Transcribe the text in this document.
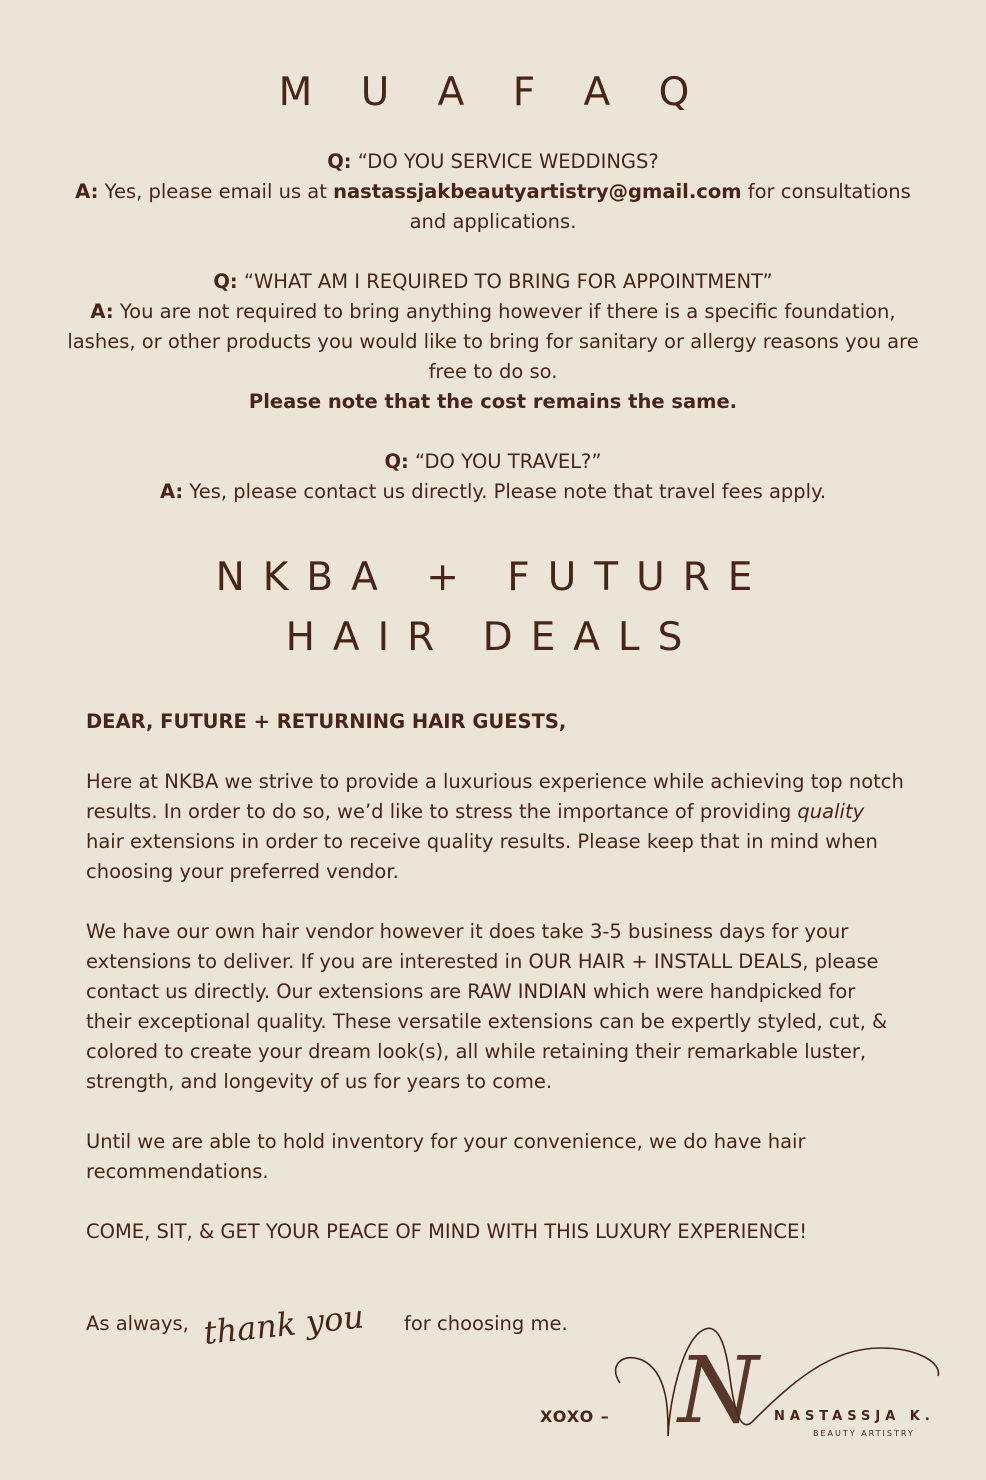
M U A F A Q

Q: “DO YOU SERVICE WEDDINGS?

A: Yes, please email us at nastassjakbeautyartistry@gmail.com for consultations and applications.

Q: “WHAT AM I REQUIRED TO BRING FOR APPOINTMENT”

A: You are not required to bring anything however if there is a specific foundation, lashes, or other products you would like to bring for sanitary or allergy reasons you are free to do so.

Please note that the cost remains the same.

Q: “DO YOU TRAVEL?”

A: Yes, please contact us directly. Please note that travel fees apply.

NKBA + FUTURE
HAIR DEALS

DEAR, FUTURE + RETURNING HAIR GUESTS,

Here at NKBA we strive to provide a luxurious experience while achieving top notch results. In order to do so, we’d like to stress the importance of providing quality hair extensions in order to receive quality results. Please keep that in mind when choosing your preferred vendor.

We have our own hair vendor however it does take 3-5 business days for your extensions to deliver. If you are interested in OUR HAIR + INSTALL DEALS, please contact us directly. Our extensions are RAW INDIAN which were handpicked for their exceptional quality. These versatile extensions can be expertly styled, cut, & colored to create your dream look(s), all while retaining their remarkable luster, strength, and longevity of us for years to come.

Until we are able to hold inventory for your convenience, we do have hair recommendations.

COME, SIT, & GET YOUR PEACE OF MIND WITH THIS LUXURY EXPERIENCE!

As always, thank you for choosing me.
XOXO – N NASTASSJA K.
BEAUTY ARTISTRY
